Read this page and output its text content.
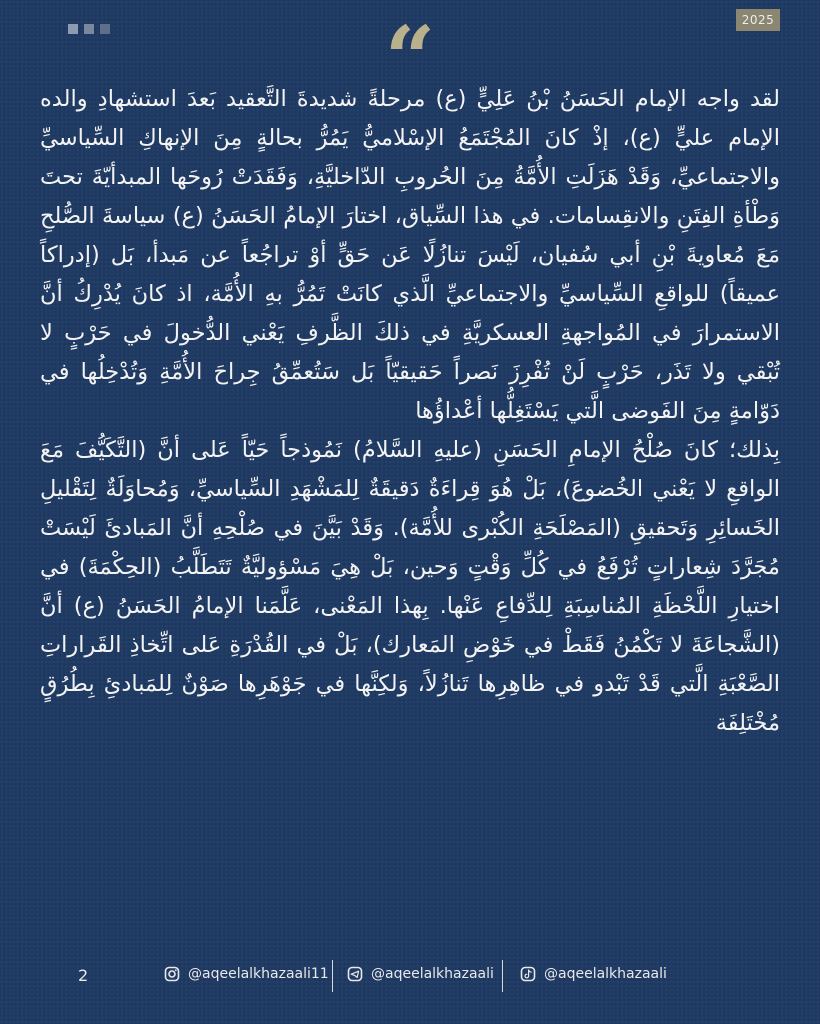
2025
“

لقد واجه الإمام الحَسَنُ بْنُ عَلِيٍّ (ع) مرحلةً شديدةَ التَّعقيد بَعدَ استشهادِ والده الإمام عليٍّ (ع)، إذْ كانَ المُجْتَمَعُ الإسْلاميُّ يَمُرُّ بحالةٍ مِنَ الإنهاكِ السِّياسيِّ والاجتماعيِّ، وَقَدْ هَزَلَتِ الأُمَّةُ مِنَ الحُروبِ الدّاخليَّةِ، وَفَقَدَتْ رُوحَها المبدأيّةَ تحتَ وَطْأةِ الفِتَنِ والانقِسامات. في هذا السِّياق، اختارَ الإمامُ الحَسَنُ (ع) سياسةَ الصُّلحِ مَعَ مُعاويةَ بْنِ أبي سُفيان، لَيْسَ تنازُلًا عَن حَقٍّ أوْ تراجُعاً عن مَبدأ، بَل (إدراكاً عميقاً) للواقعِ السِّياسيِّ والاجتماعيِّ الَّذي كانَتْ تَمُرُّ بهِ الأُمَّة، اذ كانَ يُدْرِكُ أنَّ الاستمرارَ في المُواجهةِ العسكريَّةِ في ذلكَ الظَّرفِ يَعْني الدُّخولَ في حَرْبٍ لا تُبْقي ولا تَذَر، حَرْبٍ لَنْ تُفْرِزَ نَصراً حَقيقيّاً بَل سَتُعمِّقُ جِراحَ الأُمَّةِ وَتُدْخِلُها في دَوّامةٍ مِنَ الفَوضى الَّتي يَسْتَغِلُّها أعْداؤُها

بِذلك؛ كانَ صُلْحُ الإمامِ الحَسَنِ (عليهِ السَّلامُ) نَمُوذجاً حَيّاً عَلى أنَّ (التَّكَيُّفَ مَعَ الواقعِ لا يَعْني الخُضوعَ)، بَلْ هُوَ قِراءَةٌ دَقيقَةٌ لِلمَشْهَدِ السِّياسيِّ، وَمُحاوَلَةٌ لِتَقْليلِ الخَسائِرِ وَتَحقيقِ (المَصْلَحَةِ الكُبْرى للأُمَّة). وَقَدْ بَيَّنَ في صُلْحِهِ أنَّ المَبادئَ لَيْسَتْ مُجَرَّدَ شِعاراتٍ تُرْفَعُ في كُلِّ وَقْتٍ وَحين، بَلْ هِيَ مَسْؤوليَّةٌ تَتَطَلَّبُ (الحِكْمَةَ) في اختيارِ اللَّحْظَةِ المُناسِبَةِ لِلدِّفاعِ عَنْها. بِهذا المَعْنى، عَلَّمَنا الإمامُ الحَسَنُ (ع) أنَّ (الشَّجاعَةَ لا تَكْمُنُ فَقَطْ في خَوْضِ المَعارك)، بَلْ في القُدْرَةِ عَلى اتِّخاذِ القَراراتِ الصَّعْبَةِ الَّتي قَدْ تَبْدو في ظاهِرِها تَنازُلاً، وَلكِنَّها في جَوْهَرِها صَوْنٌ لِلمَبادئِ بِطُرُقٍ مُخْتَلِفَة

2	@aqeelalkhazaali11	@aqeelalkhazaali	@aqeelalkhazaali
